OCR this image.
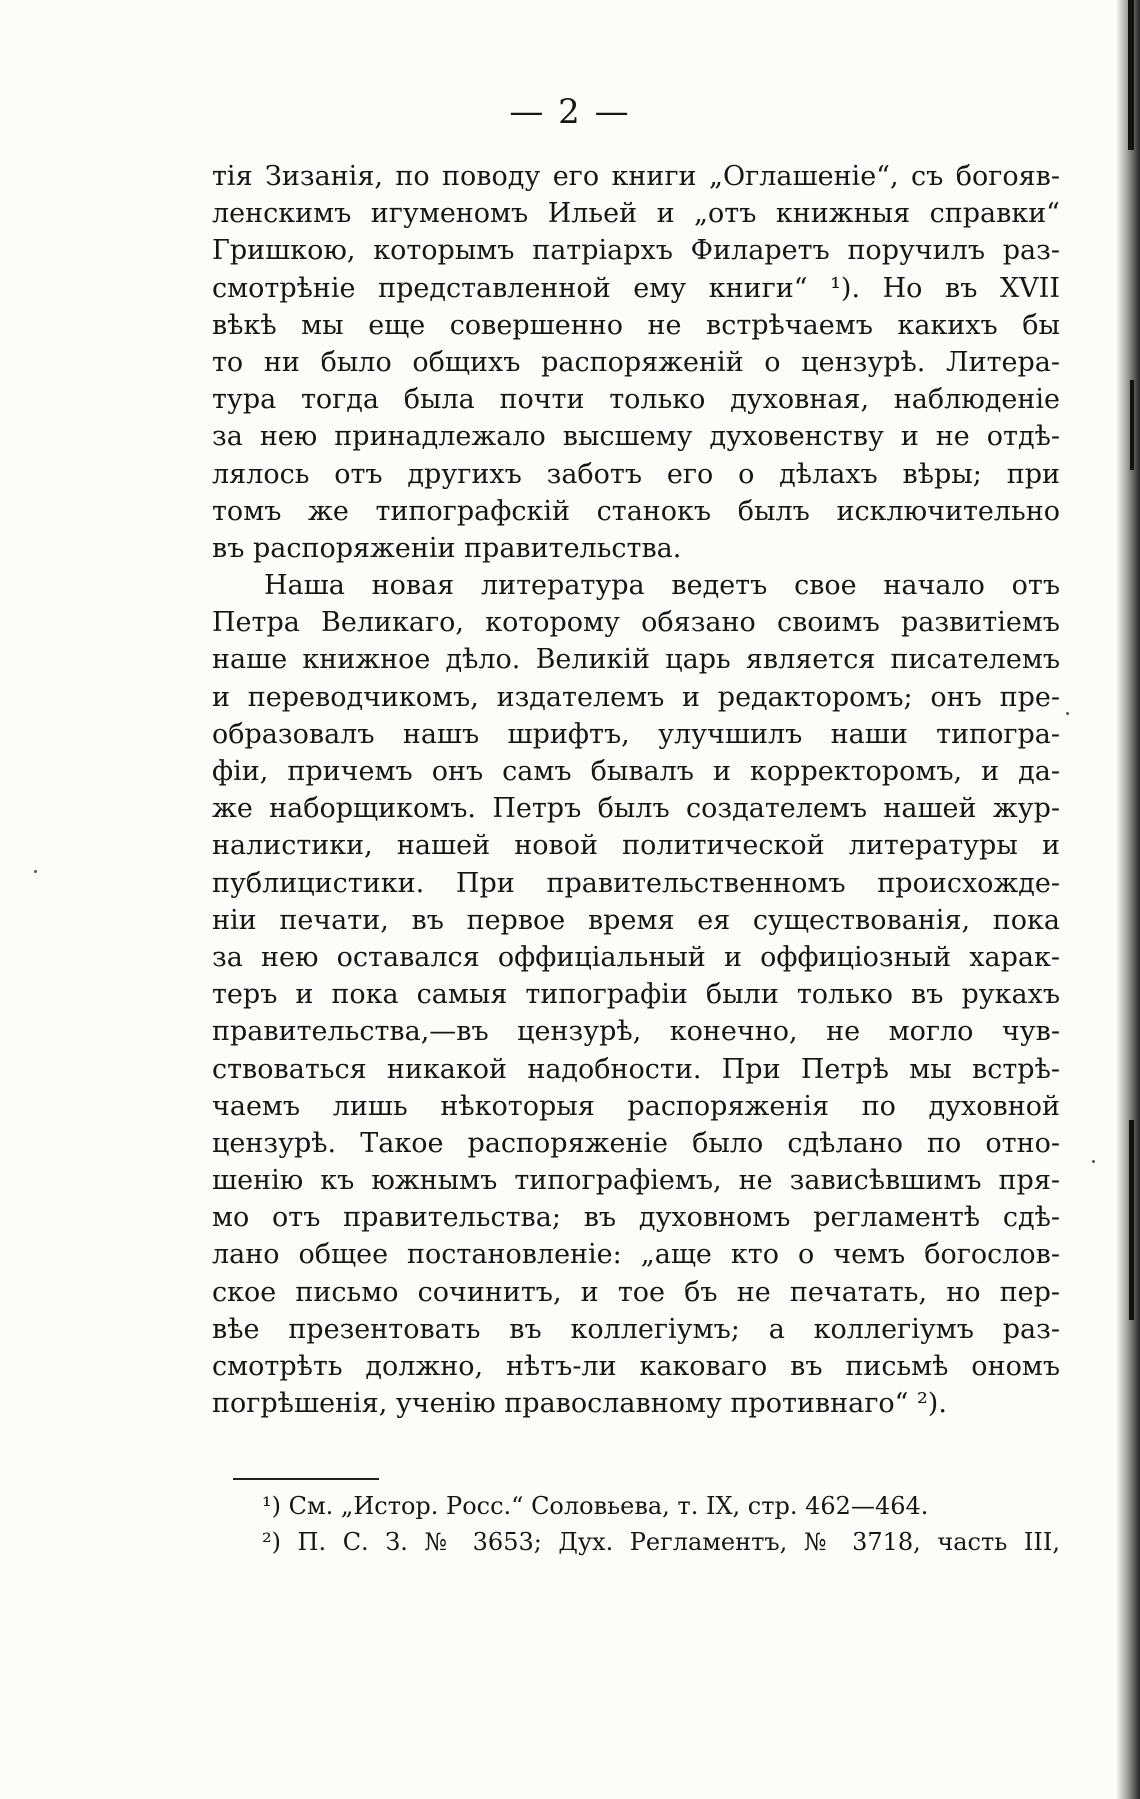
— 2 —
тія Зизанія, по поводу его книги „Оглашеніе“, съ богояв-
ленскимъ игуменомъ Ильей и „отъ книжныя справки“
Гришкою, которымъ патріархъ Филаретъ поручилъ раз-
смотрѣніе представленной ему книги“ ¹). Но въ XVII
вѣкѣ мы еще совершенно не встрѣчаемъ какихъ бы
то ни было общихъ распоряженій о цензурѣ. Литера-
тура тогда была почти только духовная, наблюденіе
за нею принадлежало высшему духовенству и не отдѣ-
лялось отъ другихъ заботъ его о дѣлахъ вѣры; при
томъ же типографскій станокъ былъ исключительно
въ распоряженіи правительства.
Наша новая литература ведетъ свое начало отъ
Петра Великаго, которому обязано своимъ развитіемъ
наше книжное дѣло. Великій царь является писателемъ
и переводчикомъ, издателемъ и редакторомъ; онъ пре-
образовалъ нашъ шрифтъ, улучшилъ наши типогра-
фіи, причемъ онъ самъ бывалъ и корректоромъ, и да-
же наборщикомъ. Петръ былъ создателемъ нашей жур-
налистики, нашей новой политической литературы и
публицистики. При правительственномъ происхожде-
ніи печати, въ первое время ея существованія, пока
за нею оставался оффиціальный и оффиціозный харак-
теръ и пока самыя типографіи были только въ рукахъ
правительства,—въ цензурѣ, конечно, не могло чув-
ствоваться никакой надобности. При Петрѣ мы встрѣ-
чаемъ лишь нѣкоторыя распоряженія по духовной
цензурѣ. Такое распоряженіе было сдѣлано по отно-
шенію къ южнымъ типографіемъ, не зависѣвшимъ пря-
мо отъ правительства; въ духовномъ регламентѣ сдѣ-
лано общее постановленіе: „аще кто о чемъ богослов-
ское письмо сочинитъ, и тое бъ не печатать, но пер-
вѣе презентовать въ коллегіумъ; а коллегіумъ раз-
смотрѣть должно, нѣтъ-ли каковаго въ письмѣ ономъ
погрѣшенія, ученію православному противнаго“ ²).
¹) См. „Истор. Росс.“ Соловьева, т. IX, стр. 462—464.
²) П. С. З. № 3653; Дух. Регламентъ, № 3718, часть III,
